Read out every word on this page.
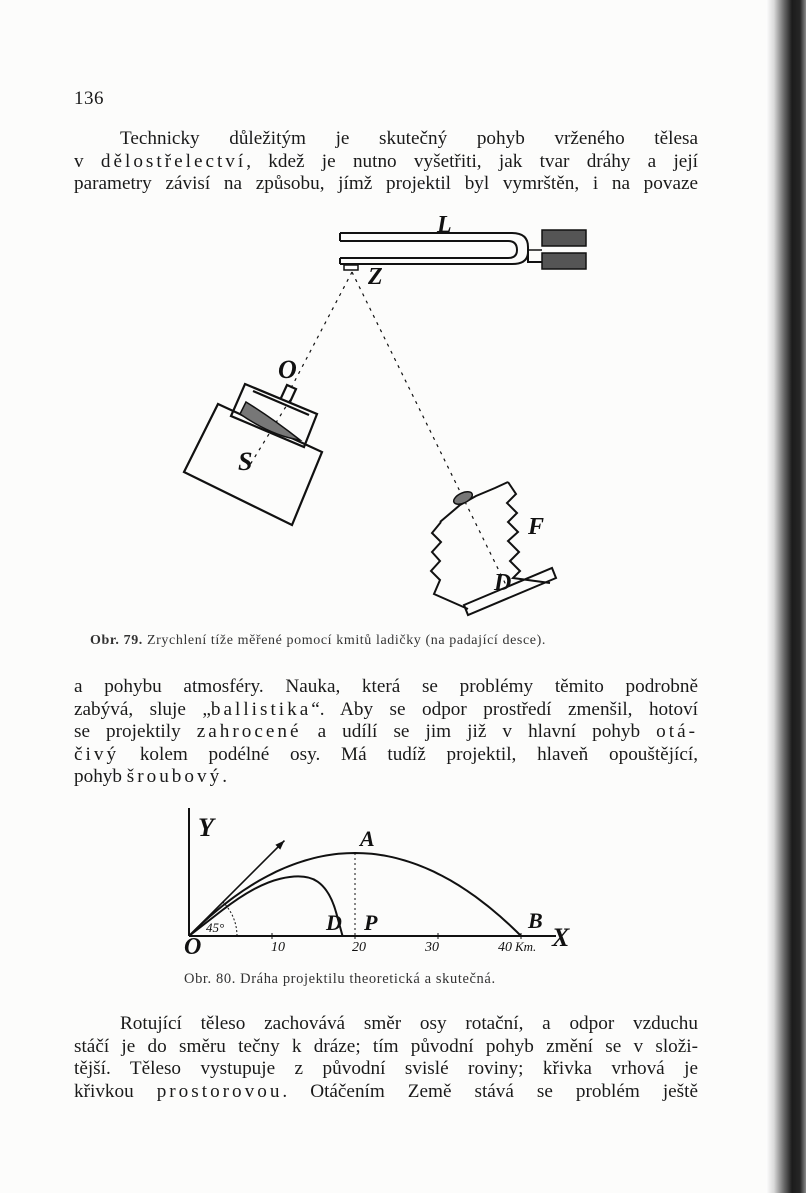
136
Technicky důležitým je skutečný pohyb vrženého tělesa
v dělostřelectví, kdež je nutno vyšetřiti, jak tvar dráhy a její
parametry závisí na způsobu, jímž projektil byl vymrštěn, i na povaze
L
Z
O
S
F
D
Obr. 79. Zrychlení tíže měřené pomocí kmitů ladičky (na padající desce).
a pohybu atmosféry. Nauka, která se problémy těmito podrobně
zabývá, sluje „ballistika“. Aby se odpor prostředí zmenšil, hotoví
se projektily zahrocené a udílí se jim již v hlavní pohyb otá-
čivý kolem podélné osy. Má tudíž projektil, hlaveň opouštějící,
pohyb šroubový.
Y
X
O
A
D P	B
45°
10	20	30	40 Km.
Obr. 80. Dráha projektilu theoretická a skutečná.
Rotující těleso zachovává směr osy rotační, a odpor vzduchu
stáčí je do směru tečny k dráze; tím původní pohyb změní se v složi-
tější. Těleso vystupuje z původní svislé roviny; křivka vrhová je
křivkou prostorovou. Otáčením Země stává se problém ještě
